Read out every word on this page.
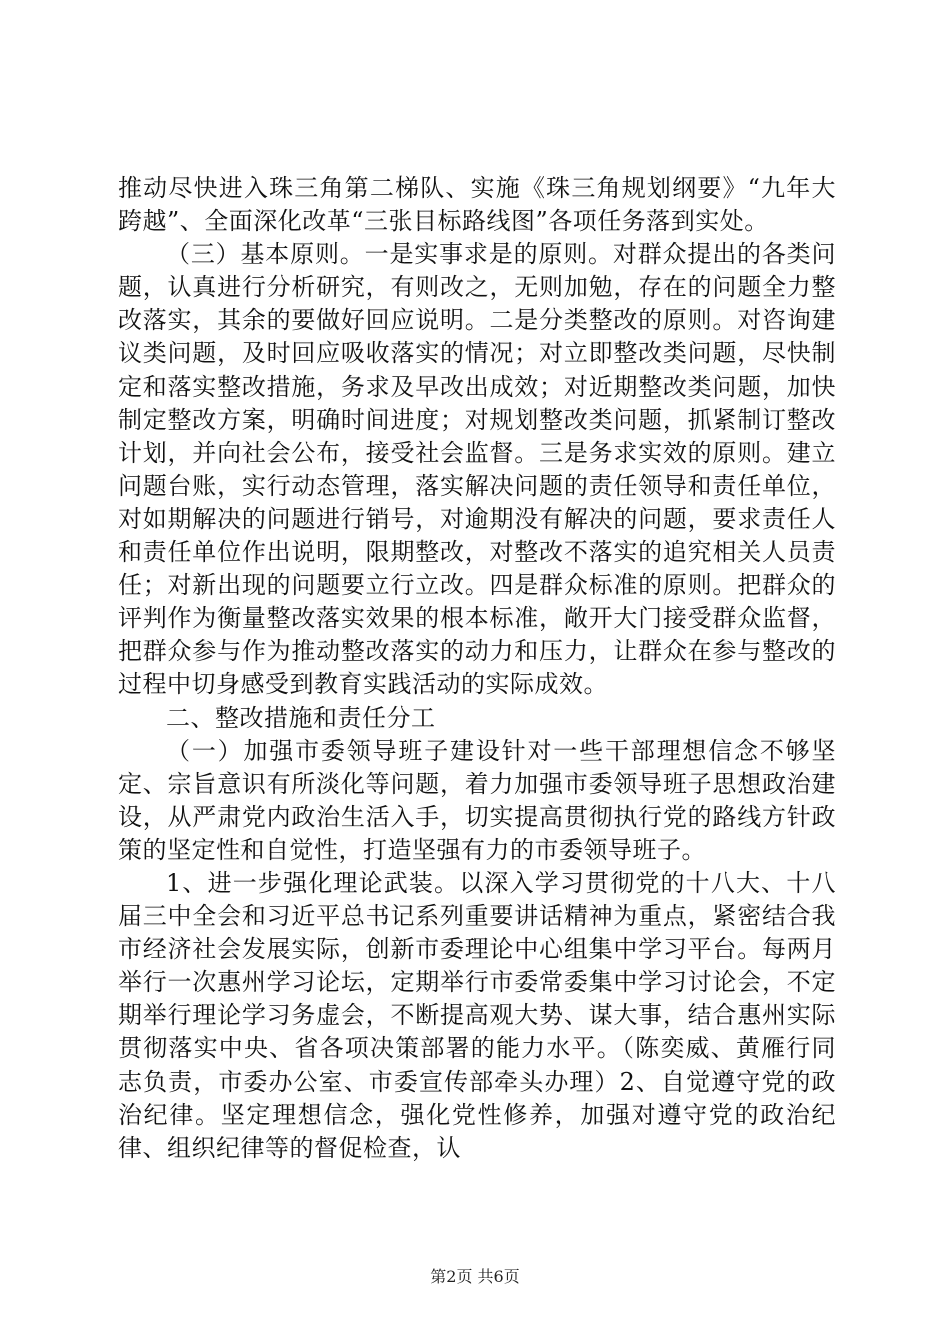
推动尽快进入珠三角第二梯队、实施《珠三角规划纲要》“九年大跨越”、全面深化改革“三张目标路线图”各项任务落到实处。

（三）基本原则。一是实事求是的原则。对群众提出的各类问题，认真进行分析研究，有则改之，无则加勉，存在的问题全力整改落实，其余的要做好回应说明。二是分类整改的原则。对咨询建议类问题，及时回应吸收落实的情况；对立即整改类问题，尽快制定和落实整改措施，务求及早改出成效；对近期整改类问题，加快制定整改方案，明确时间进度；对规划整改类问题，抓紧制订整改计划，并向社会公布，接受社会监督。三是务求实效的原则。建立问题台账，实行动态管理，落实解决问题的责任领导和责任单位，对如期解决的问题进行销号，对逾期没有解决的问题，要求责任人和责任单位作出说明，限期整改，对整改不落实的追究相关人员责任；对新出现的问题要立行立改。四是群众标准的原则。把群众的评判作为衡量整改落实效果的根本标准，敞开大门接受群众监督，把群众参与作为推动整改落实的动力和压力，让群众在参与整改的过程中切身感受到教育实践活动的实际成效。

二、整改措施和责任分工

（一）加强市委领导班子建设针对一些干部理想信念不够坚定、宗旨意识有所淡化等问题，着力加强市委领导班子思想政治建设，从严肃党内政治生活入手，切实提高贯彻执行党的路线方针政策的坚定性和自觉性，打造坚强有力的市委领导班子。

1、进一步强化理论武装。以深入学习贯彻党的十八大、十八届三中全会和习近平总书记系列重要讲话精神为重点，紧密结合我市经济社会发展实际，创新市委理论中心组集中学习平台。每两月举行一次惠州学习论坛，定期举行市委常委集中学习讨论会，不定期举行理论学习务虚会，不断提高观大势、谋大事，结合惠州实际贯彻落实中央、省各项决策部署的能力水平。（陈奕威、黄雁行同志负责，市委办公室、市委宣传部牵头办理）2、自觉遵守党的政治纪律。坚定理想信念，强化党性修养，加强对遵守党的政治纪律、组织纪律等的督促检查，认

第2页 共6页
